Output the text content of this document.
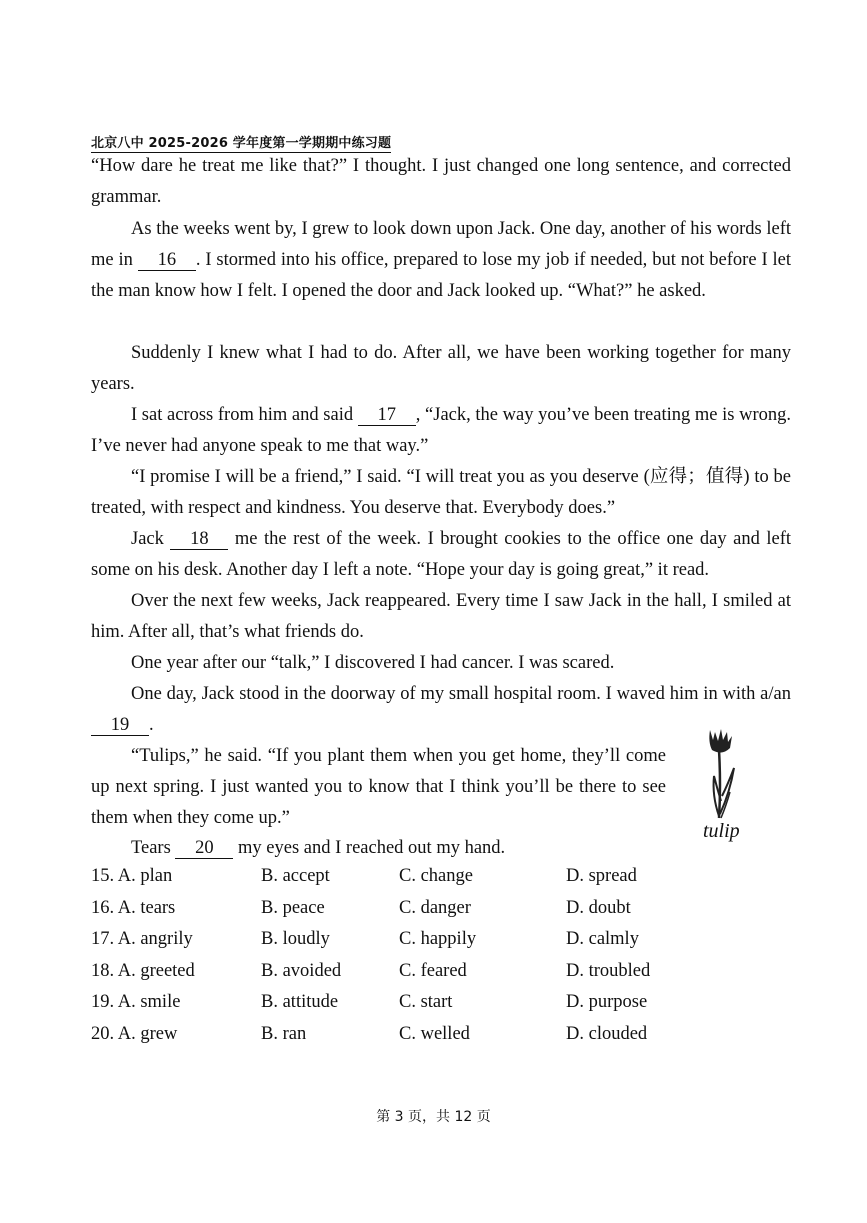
北京八中 2025-2026 学年度第一学期期中练习题
“How dare he treat me like that?” I thought. I just changed one long sentence, and corrected grammar.
As the weeks went by, I grew to look down upon Jack. One day, another of his words left me in 16 . I stormed into his office, prepared to lose my job if needed, but not before I let the man know how I felt. I opened the door and Jack looked up. “What?” he asked.
Suddenly I knew what I had to do. After all, we have been working together for many years.
I sat across from him and said 17 , “Jack, the way you’ve been treating me is wrong. I’ve never had anyone speak to me that way.”
“I promise I will be a friend,” I said. “I will treat you as you deserve (应得；值得) to be treated, with respect and kindness. You deserve that. Everybody does.”
Jack 18 me the rest of the week. I brought cookies to the office one day and left some on his desk. Another day I left a note. “Hope your day is going great,” it read.
Over the next few weeks, Jack reappeared. Every time I saw Jack in the hall, I smiled at him. After all, that’s what friends do.
One year after our “talk,” I discovered I had cancer. I was scared.
One day, Jack stood in the doorway of my small hospital room. I waved him in with a/an 19 .
“Tulips,” he said. “If you plant them when you get home, they’ll come up next spring. I just wanted you to know that I think you’ll be there to see them when they come up.”
Tears 20 my eyes and I reached out my hand.
tulip
15. A. plan	B. accept	C. change	D. spread
16. A. tears	B. peace	C. danger	D. doubt
17. A. angrily	B. loudly	C. happily	D. calmly
18. A. greeted	B. avoided	C. feared	D. troubled
19. A. smile	B. attitude	C. start	D. purpose
20. A. grew	B. ran	C. welled	D. clouded
第 3 页，共 12 页
